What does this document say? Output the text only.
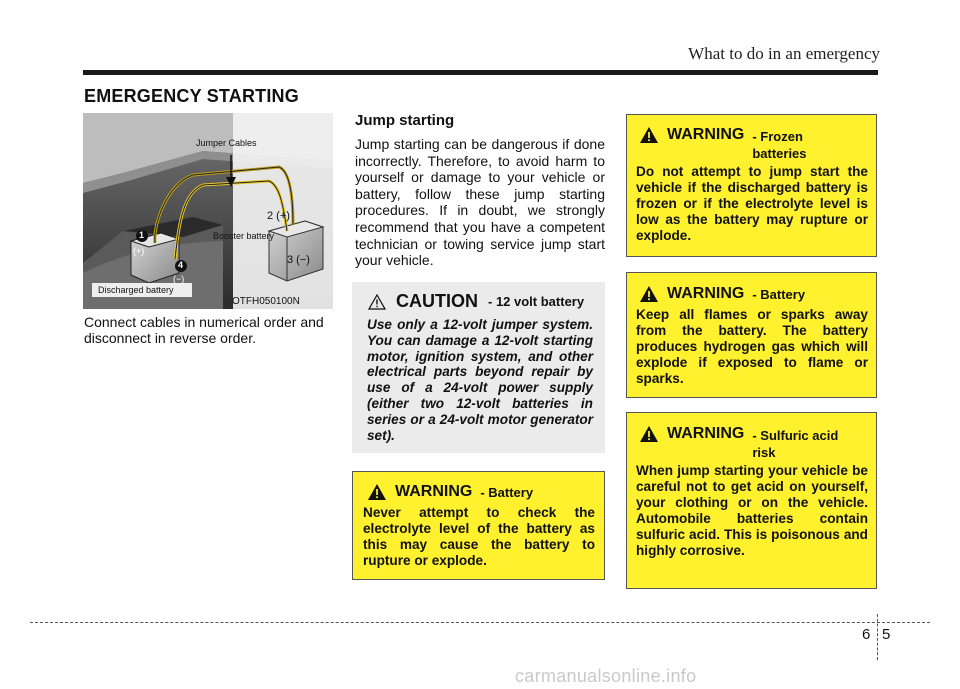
What to do in an emergency
EMERGENCY STARTING
Jumper Cables
2 (+)
Booster battery
3 (−)
1
4
(+)
(−)
Discharged battery
OTFH050100N
Connect cables in numerical order and disconnect in reverse order.
Jump starting
Jump starting can be dangerous if done incorrectly. Therefore, to avoid harm to yourself or damage to your vehicle or battery, follow these jump starting procedures. If in doubt, we strongly recommend that you have a competent technician or towing service jump start your vehicle.
CAUTION - 12 volt battery
Use only a 12-volt jumper system. You can damage a 12-volt starting motor, ignition system, and other electrical parts beyond repair by use of a 24-volt power supply (either two 12-volt batteries in series or a 24-volt motor generator set).
WARNING - Battery
Never attempt to check the electrolyte level of the battery as this may cause the battery to rupture or explode.
WARNING - Frozen batteries
Do not attempt to jump start the vehicle if the discharged battery is frozen or if the electrolyte level is low as the battery may rupture or explode.
WARNING - Battery
Keep all flames or sparks away from the battery. The battery produces hydrogen gas which will explode if exposed to flame or sparks.
WARNING - Sulfuric acid risk
When jump starting your vehicle be careful not to get acid on yourself, your clothing or on the vehicle. Automobile batteries contain sulfuric acid. This is poisonous and highly corrosive.
6 5
carmanualsonline.info
